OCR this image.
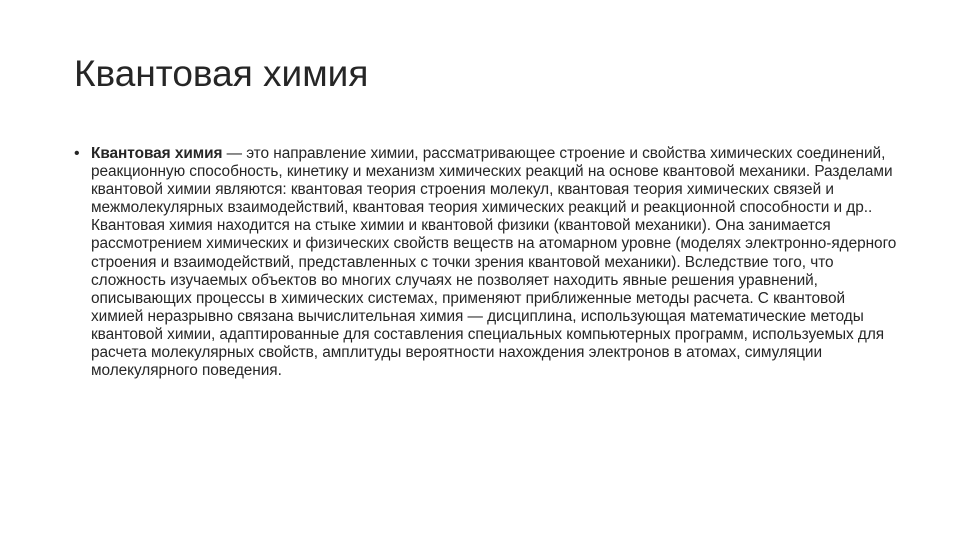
Квантовая химия
• Квантовая химия — это направление химии, рассматривающее строение и свойства химических соединений, реакционную способность, кинетику и механизм химических реакций на основе квантовой механики. Разделами квантовой химии являются: квантовая теория строения молекул, квантовая теория химических связей и межмолекулярных взаимодействий, квантовая теория химических реакций и реакционной способности и др.. Квантовая химия находится на стыке химии и квантовой физики (квантовой механики). Она занимается рассмотрением химических и физических свойств веществ на атомарном уровне (моделях электронно-ядерного строения и взаимодействий, представленных с точки зрения квантовой механики). Вследствие того, что сложность изучаемых объектов во многих случаях не позволяет находить явные решения уравнений, описывающих процессы в химических системах, применяют приближенные методы расчета. С квантовой химией неразрывно связана вычислительная химия — дисциплина, использующая математические методы квантовой химии, адаптированные для составления специальных компьютерных программ, используемых для расчета молекулярных свойств, амплитуды вероятности нахождения электронов в атомах, симуляции молекулярного поведения.
